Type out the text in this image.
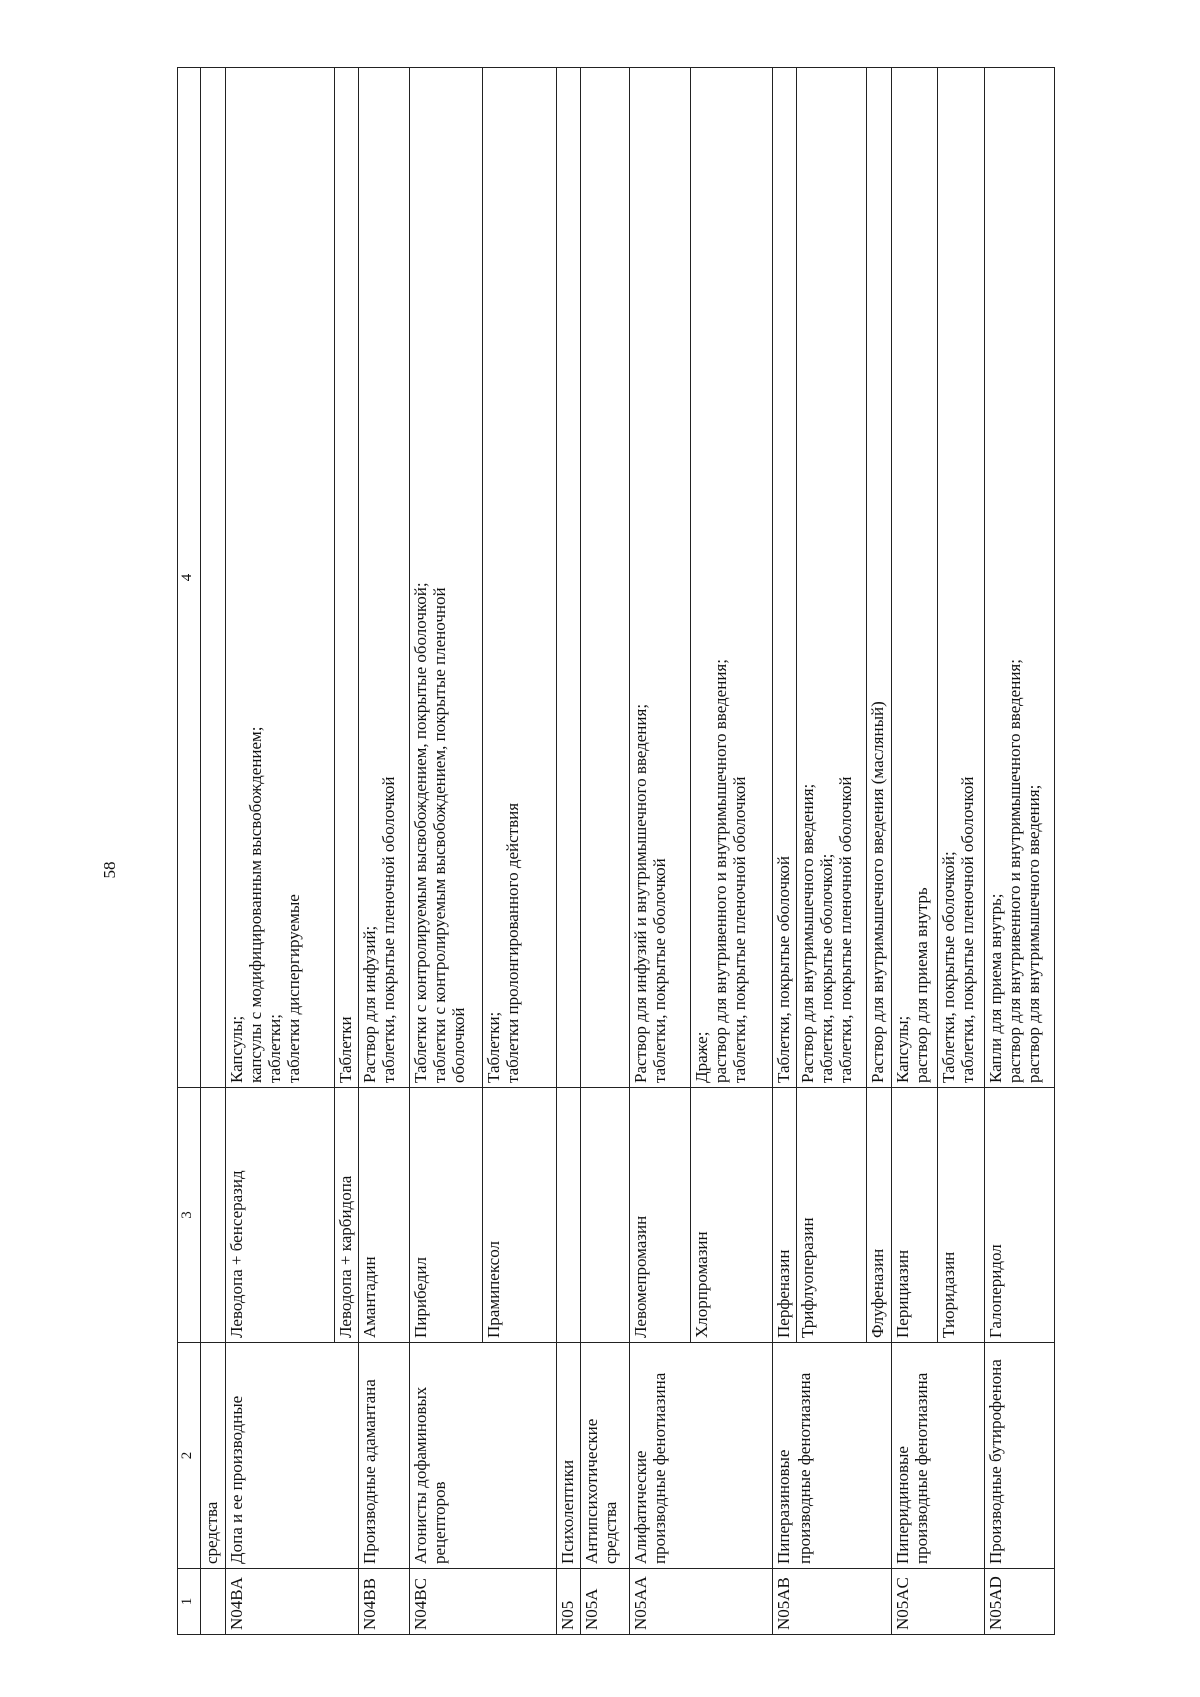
58
1	2	3	4

	средства		

N04BA	Допа и ее производные	Леводопа + бенсеразид	Капсулы; капсулы с модифицированным высвобождением; таблетки; таблетки диспергируемые

		Леводопа + карбидопа	Таблетки

N04BB	Производные адамантана	Амантадин	Раствор для инфузий; таблетки, покрытые пленочной оболочкой

N04BC	Агонисты дофаминовых рецепторов	Пирибедил	Таблетки с контролируемым высвобождением, покрытые оболочкой; таблетки с контролируемым высвобождением, покрытые пленочной оболочкой

		Прамипексол	Таблетки; таблетки пролонгированного действия

N05	Психолептики		
N05A	Антипсихотические средства		

N05AA	Алифатические производные фенотиазина	Левомепромазин	Раствор для инфузий и внутримышечного введения; таблетки, покрытые оболочкой

		Хлорпромазин	Драже; раствор для внутривенного и внутримышечного введения; таблетки, покрытые пленочной оболочкой

N05AB	Пиперазиновые	Перфеназин	Таблетки, покрытые оболочкой

	производные фенотиазина	Трифлуоперазин	Раствор для внутримышечного введения; таблетки, покрытые оболочкой; таблетки, покрытые пленочной оболочкой

		Флуфеназин	Раствор для внутримышечного введения (масляный)

N05AC	Пиперидиновые производные фенотиазина	Перициазин	Капсулы; раствор для приема внутрь

		Тиоридазин	Таблетки, покрытые оболочкой; таблетки, покрытые пленочной оболочкой

N05AD	Производные бутирофенона	Галоперидол	Капли для приема внутрь; раствор для внутривенного и внутримышечного введения; раствор для внутримышечного введения;
